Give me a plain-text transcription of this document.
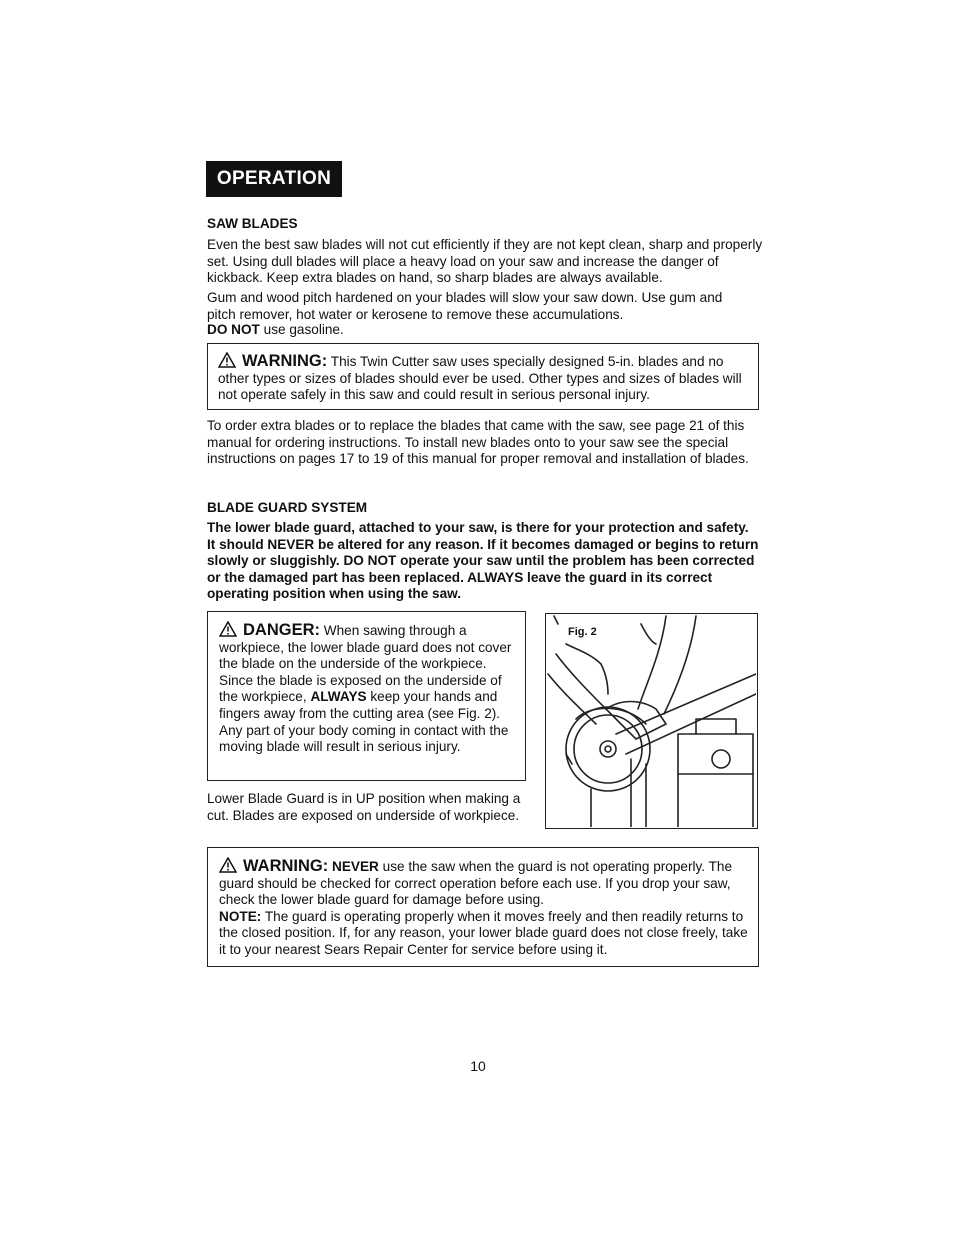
OPERATION
SAW BLADES

Even the best saw blades will not cut efficiently if they are not kept clean, sharp and properly set. Using dull blades will place a heavy load on your saw and increase the danger of kickback. Keep extra blades on hand, so sharp blades are always available.

Gum and wood pitch hardened on your blades will slow your saw down. Use gum and pitch remover, hot water or kerosene to remove these accumulations.

DO NOT use gasoline.

WARNING: This Twin Cutter saw uses specially designed 5-in. blades and no other types or sizes of blades should ever be used. Other types and sizes of blades will not operate safely in this saw and could result in serious personal injury.

To order extra blades or to replace the blades that came with the saw, see page 21 of this manual for ordering instructions. To install new blades onto to your saw see the special instructions on pages 17 to 19 of this manual for proper removal and installation of blades.

BLADE GUARD SYSTEM

The lower blade guard, attached to your saw, is there for your protection and safety. It should NEVER be altered for any reason. If it becomes damaged or begins to return slowly or sluggishly. DO NOT operate your saw until the problem has been corrected or the damaged part has been replaced. ALWAYS leave the guard in its correct operating position when using the saw.

DANGER: When sawing through a workpiece, the lower blade guard does not cover the blade on the underside of the workpiece. Since the blade is exposed on the underside of the workpiece, ALWAYS keep your hands and fingers away from the cutting area (see Fig. 2). Any part of your body coming in contact with the moving blade will result in serious injury.

Lower Blade Guard is in UP position when making a cut. Blades are exposed on underside of workpiece.

Fig. 2

WARNING: NEVER use the saw when the guard is not operating properly. The guard should be checked for correct operation before each use. If you drop your saw, check the lower blade guard for damage before using.

NOTE: The guard is operating properly when it moves freely and then readily returns to the closed position. If, for any reason, your lower blade guard does not close freely, take it to your nearest Sears Repair Center for service before using it.

10
